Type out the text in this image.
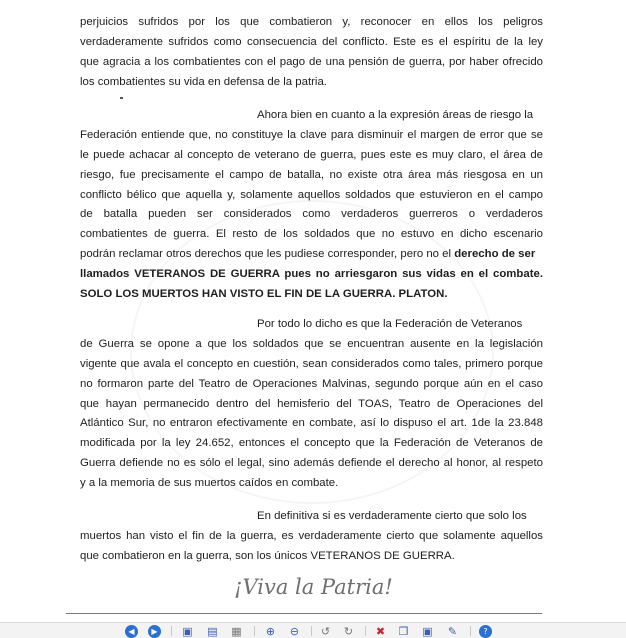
perjuicios sufridos por los que combatieron y, reconocer en ellos los peligros
verdaderamente sufridos como consecuencia del conflicto. Este es el espíritu de la ley
que agracia a los combatientes con el pago de una pensión de guerra, por haber ofrecido
los combatientes su vida en defensa de la patria.
Ahora bien en cuanto a la expresión áreas de riesgo la
Federación entiende que, no constituye la clave para disminuir el margen de error que se
le puede achacar al concepto de veterano de guerra, pues este es muy claro, el área de
riesgo, fue precisamente el campo de batalla, no existe otra área más riesgosa en un
conflicto bélico que aquella y, solamente aquellos soldados que estuvieron en el campo
de batalla pueden ser considerados como verdaderos guerreros o verdaderos
combatientes de guerra. El resto de los soldados que no estuvo en dicho escenario
podrán reclamar otros derechos que les pudiese corresponder, pero no el derecho de ser
llamados VETERANOS DE GUERRA pues no arriesgaron sus vidas en el combate.
SOLO LOS MUERTOS HAN VISTO EL FIN DE LA GUERRA. PLATON.
Por todo lo dicho es que la Federación de Veteranos
de Guerra se opone a que los soldados que se encuentran ausente en la legislación
vigente que avala el concepto en cuestión, sean considerados como tales, primero porque
no formaron parte del Teatro de Operaciones Malvinas, segundo porque aún en el caso
que hayan permanecido dentro del hemisferio del TOAS, Teatro de Operaciones del
Atlántico Sur, no entraron efectivamente en combate, así lo dispuso el art. 1de la 23.848
modificada por la ley 24.652, entonces el concepto que la Federación de Veteranos de
Guerra defiende no es sólo el legal, sino además defiende el derecho al honor, al respeto
y a la memoria de sus muertos caídos en combate.
En definitiva si es verdaderamente cierto que solo los
muertos han visto el fin de la guerra, es verdaderamente cierto que solamente aquellos
que combatieron en la guerra, son los únicos VETERANOS DE GUERRA.
¡Viva la Patria!
◀	▶	▣ ▤ ▦ ⊕ ⊖ ↺ ↻ ✖ ❐ ▣ ✎	?
